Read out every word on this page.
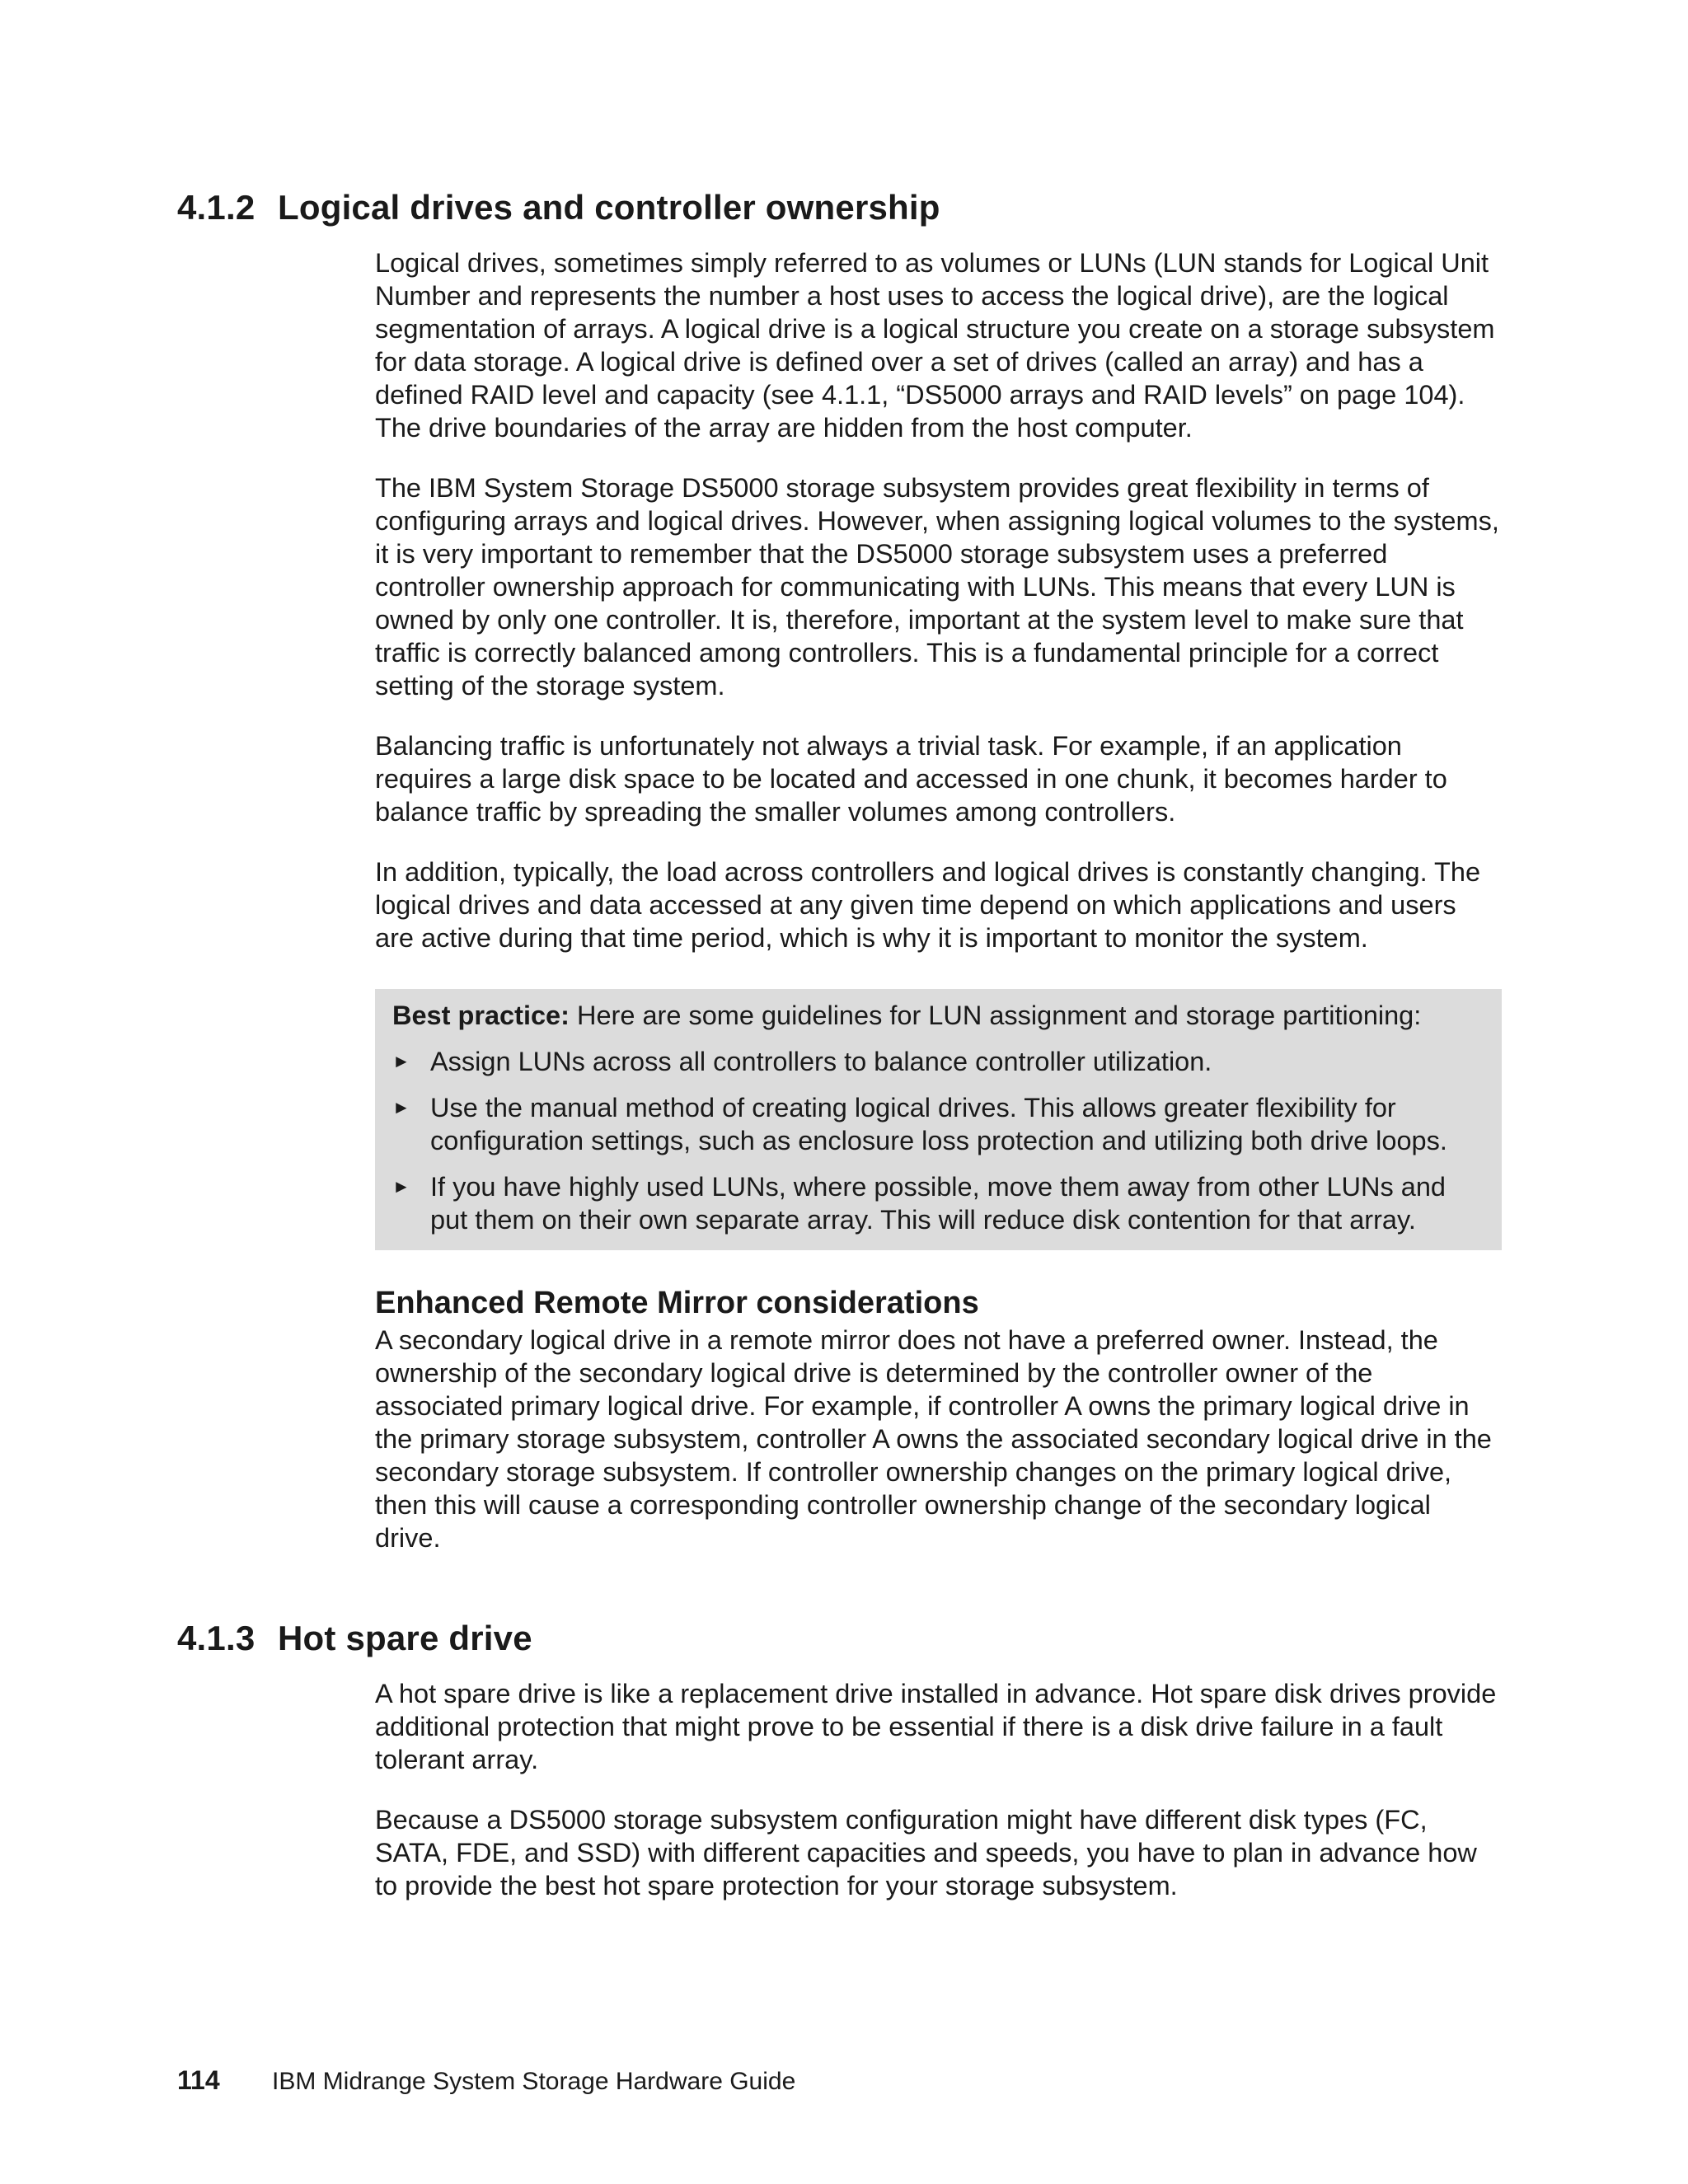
4.1.2 Logical drives and controller ownership

Logical drives, sometimes simply referred to as volumes or LUNs (LUN stands for Logical Unit Number and represents the number a host uses to access the logical drive), are the logical segmentation of arrays. A logical drive is a logical structure you create on a storage subsystem for data storage. A logical drive is defined over a set of drives (called an array) and has a defined RAID level and capacity (see 4.1.1, “DS5000 arrays and RAID levels” on page 104). The drive boundaries of the array are hidden from the host computer.

The IBM System Storage DS5000 storage subsystem provides great flexibility in terms of configuring arrays and logical drives. However, when assigning logical volumes to the systems, it is very important to remember that the DS5000 storage subsystem uses a preferred controller ownership approach for communicating with LUNs. This means that every LUN is owned by only one controller. It is, therefore, important at the system level to make sure that traffic is correctly balanced among controllers. This is a fundamental principle for a correct setting of the storage system.

Balancing traffic is unfortunately not always a trivial task. For example, if an application requires a large disk space to be located and accessed in one chunk, it becomes harder to balance traffic by spreading the smaller volumes among controllers.

In addition, typically, the load across controllers and logical drives is constantly changing. The logical drives and data accessed at any given time depend on which applications and users are active during that time period, which is why it is important to monitor the system.

Best practice: Here are some guidelines for LUN assignment and storage partitioning:

► Assign LUNs across all controllers to balance controller utilization.
► Use the manual method of creating logical drives. This allows greater flexibility for configuration settings, such as enclosure loss protection and utilizing both drive loops.
► If you have highly used LUNs, where possible, move them away from other LUNs and put them on their own separate array. This will reduce disk contention for that array.
Enhanced Remote Mirror considerations

A secondary logical drive in a remote mirror does not have a preferred owner. Instead, the ownership of the secondary logical drive is determined by the controller owner of the associated primary logical drive. For example, if controller A owns the primary logical drive in the primary storage subsystem, controller A owns the associated secondary logical drive in the secondary storage subsystem. If controller ownership changes on the primary logical drive, then this will cause a corresponding controller ownership change of the secondary logical drive.

4.1.3 Hot spare drive

A hot spare drive is like a replacement drive installed in advance. Hot spare disk drives provide additional protection that might prove to be essential if there is a disk drive failure in a fault tolerant array.

Because a DS5000 storage subsystem configuration might have different disk types (FC, SATA, FDE, and SSD) with different capacities and speeds, you have to plan in advance how to provide the best hot spare protection for your storage subsystem.

114 IBM Midrange System Storage Hardware Guide
